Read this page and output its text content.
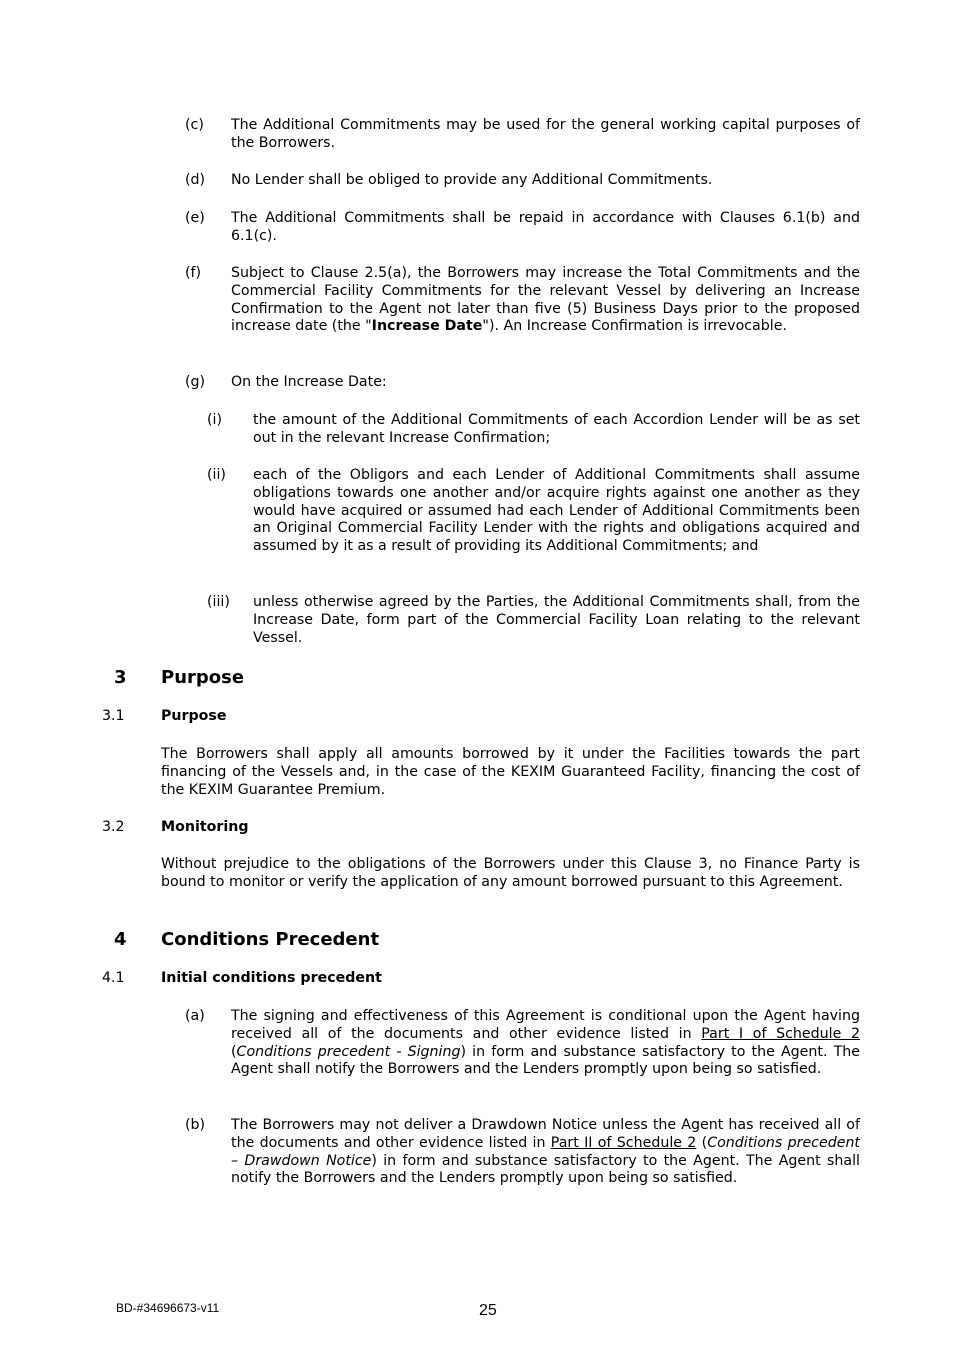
(c) The Additional Commitments may be used for the general working capital purposes of the Borrowers.
(d) No Lender shall be obliged to provide any Additional Commitments.
(e) The Additional Commitments shall be repaid in accordance with Clauses 6.1(b) and 6.1(c).
(f) Subject to Clause 2.5(a), the Borrowers may increase the Total Commitments and the Commercial Facility Commitments for the relevant Vessel by delivering an Increase Confirmation to the Agent not later than five (5) Business Days prior to the proposed increase date (the "Increase Date"). An Increase Confirmation is irrevocable.
(g) On the Increase Date:
(i) the amount of the Additional Commitments of each Accordion Lender will be as set out in the relevant Increase Confirmation;
(ii) each of the Obligors and each Lender of Additional Commitments shall assume obligations towards one another and/or acquire rights against one another as they would have acquired or assumed had each Lender of Additional Commitments been an Original Commercial Facility Lender with the rights and obligations acquired and assumed by it as a result of providing its Additional Commitments; and
(iii) unless otherwise agreed by the Parties, the Additional Commitments shall, from the Increase Date, form part of the Commercial Facility Loan relating to the relevant Vessel.
3 Purpose
3.1	Purpose
The Borrowers shall apply all amounts borrowed by it under the Facilities towards the part financing of the Vessels and, in the case of the KEXIM Guaranteed Facility, financing the cost of the KEXIM Guarantee Premium.
3.2	Monitoring
Without prejudice to the obligations of the Borrowers under this Clause 3, no Finance Party is bound to monitor or verify the application of any amount borrowed pursuant to this Agreement.
4 Conditions Precedent
4.1	Initial conditions precedent
(a) The signing and effectiveness of this Agreement is conditional upon the Agent having received all of the documents and other evidence listed in Part I of Schedule 2 (Conditions precedent - Signing) in form and substance satisfactory to the Agent. The Agent shall notify the Borrowers and the Lenders promptly upon being so satisfied.
(b) The Borrowers may not deliver a Drawdown Notice unless the Agent has received all of the documents and other evidence listed in Part II of Schedule 2 (Conditions precedent – Drawdown Notice) in form and substance satisfactory to the Agent. The Agent shall notify the Borrowers and the Lenders promptly upon being so satisfied.
BD-#34696673-v11	25
